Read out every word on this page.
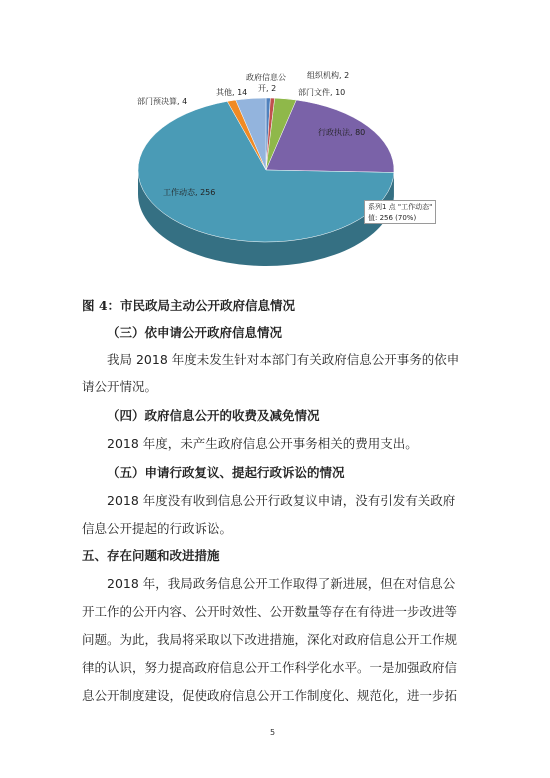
政府信息公
开, 2
组织机构, 2
部门文件, 10
其他, 14
部门预决算, 4
行政执法, 80
工作动态, 256
系列1 点 "工作动态"
值: 256 (70%)
图 4：市民政局主动公开政府信息情况
（三）依申请公开政府信息情况
我局 2018 年度未发生针对本部门有关政府信息公开事务的依申
请公开情况。
（四）政府信息公开的收费及减免情况
2018 年度，未产生政府信息公开事务相关的费用支出。
（五）申请行政复议、提起行政诉讼的情况
2018 年度没有收到信息公开行政复议申请，没有引发有关政府
信息公开提起的行政诉讼。
五、存在问题和改进措施
2018 年，我局政务信息公开工作取得了新进展，但在对信息公
开工作的公开内容、公开时效性、公开数量等存在有待进一步改进等
问题。为此，我局将采取以下改进措施，深化对政府信息公开工作规
律的认识，努力提高政府信息公开工作科学化水平。一是加强政府信
息公开制度建设，促使政府信息公开工作制度化、规范化，进一步拓
5
